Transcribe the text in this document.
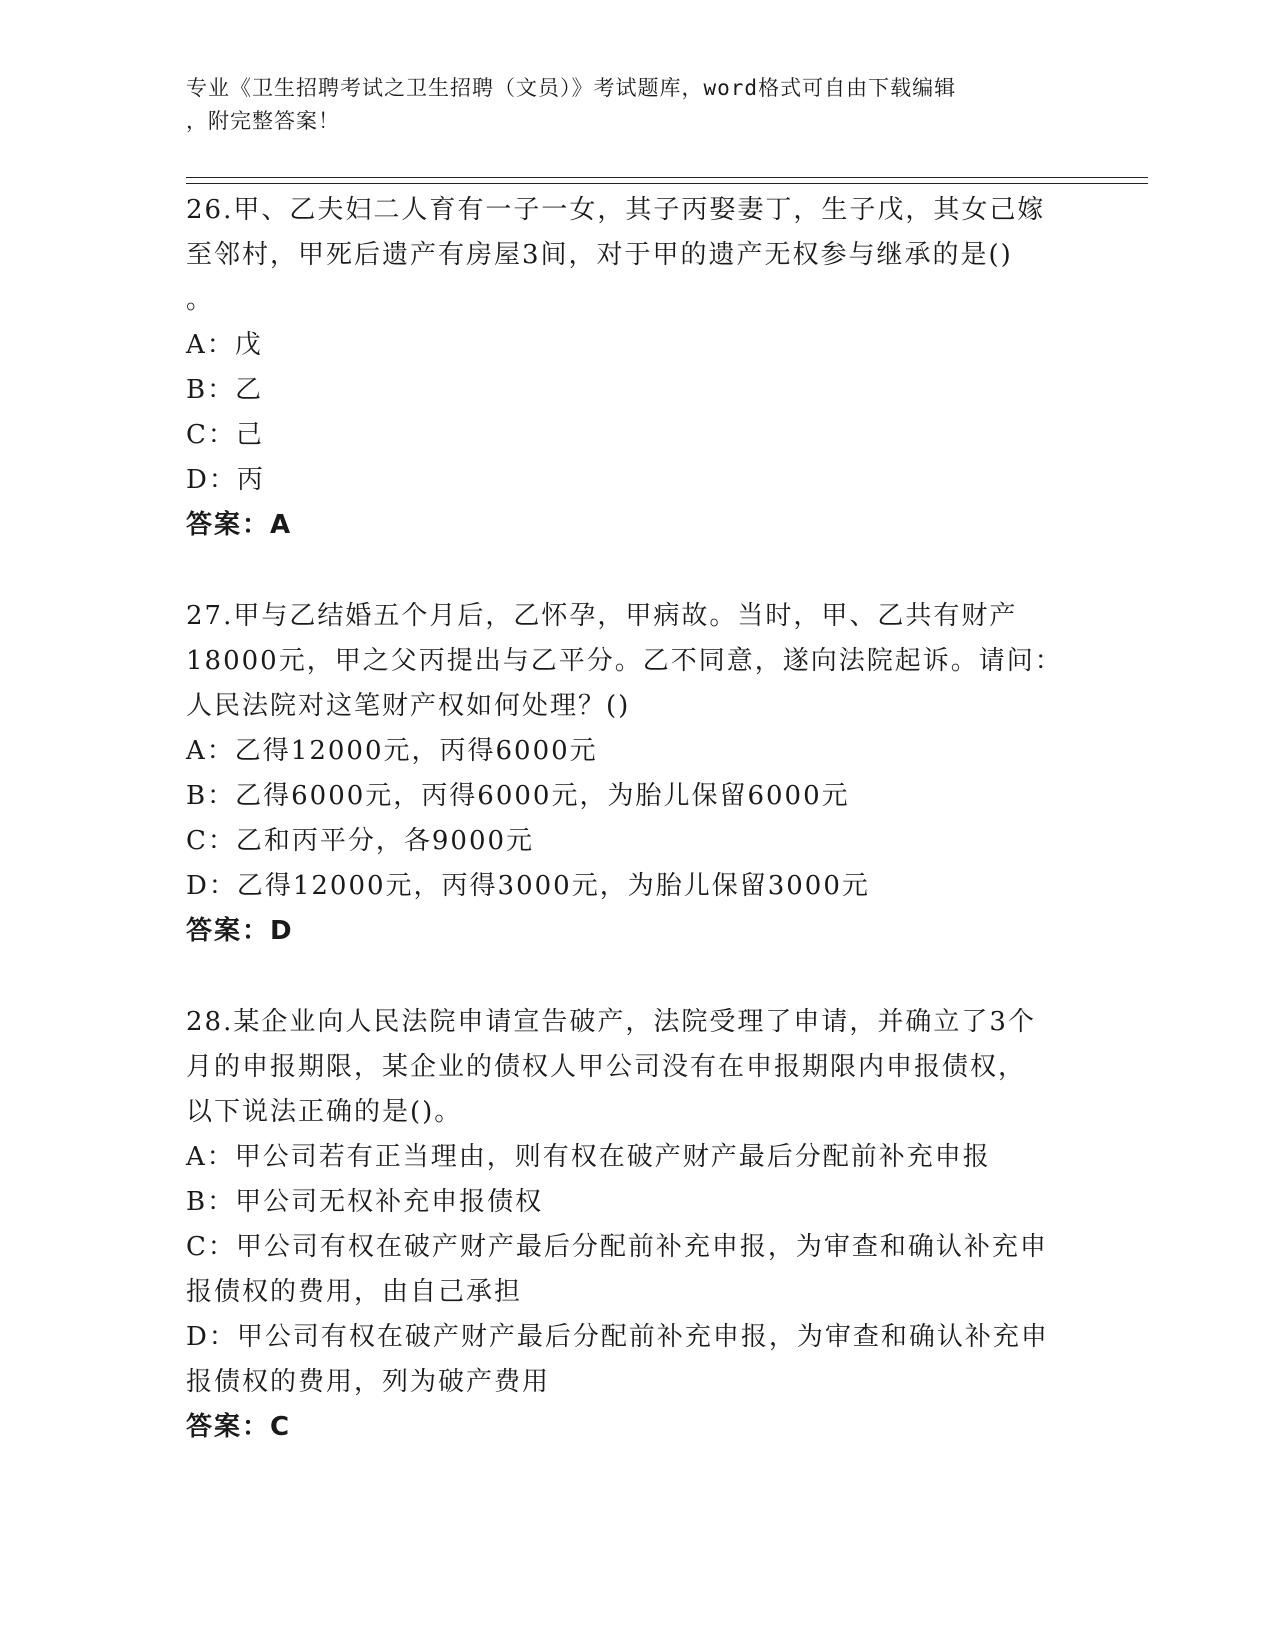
专业《卫生招聘考试之卫生招聘（文员）》考试题库，word格式可自由下载编辑
，附完整答案！
26.甲、乙夫妇二人育有一子一女，其子丙娶妻丁，生子戊，其女己嫁
至邻村，甲死后遗产有房屋3间，对于甲的遗产无权参与继承的是()
。
A：戊
B：乙
C：己
D：丙
答案：A
27.甲与乙结婚五个月后，乙怀孕，甲病故。当时，甲、乙共有财产
18000元，甲之父丙提出与乙平分。乙不同意，遂向法院起诉。请问：
人民法院对这笔财产权如何处理？()
A：乙得12000元，丙得6000元
B：乙得6000元，丙得6000元，为胎儿保留6000元
C：乙和丙平分，各9000元
D：乙得12000元，丙得3000元，为胎儿保留3000元
答案：D
28.某企业向人民法院申请宣告破产，法院受理了申请，并确立了3个
月的申报期限，某企业的债权人甲公司没有在申报期限内申报债权，
以下说法正确的是()。
A：甲公司若有正当理由，则有权在破产财产最后分配前补充申报
B：甲公司无权补充申报债权
C：甲公司有权在破产财产最后分配前补充申报，为审查和确认补充申
报债权的费用，由自己承担
D：甲公司有权在破产财产最后分配前补充申报，为审查和确认补充申
报债权的费用，列为破产费用
答案：C
